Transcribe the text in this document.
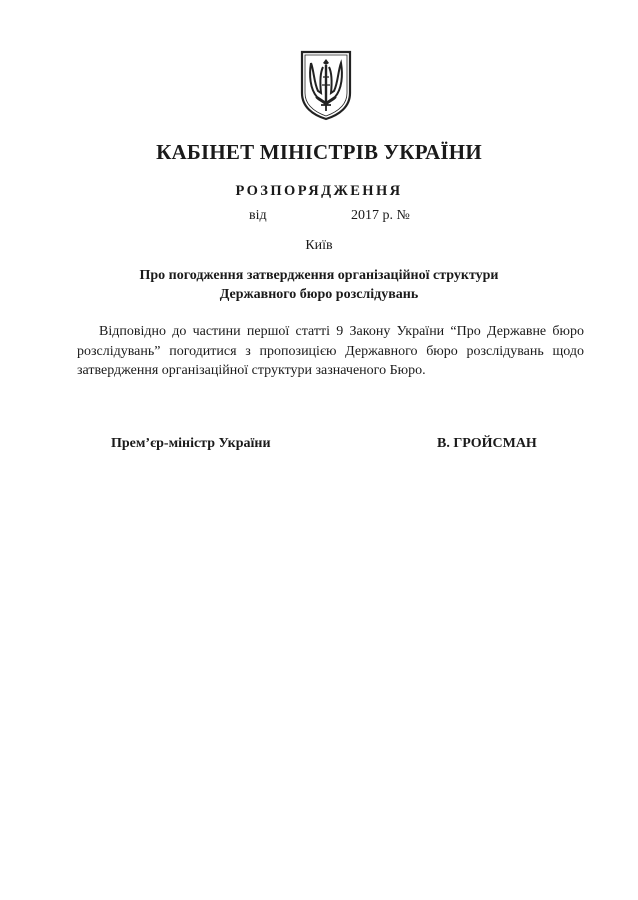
КАБІНЕТ МІНІСТРІВ УКРАЇНИ
РОЗПОРЯДЖЕННЯ
від	2017 р. №
Київ
Про погодження затвердження організаційної структури
Державного бюро розслідувань
Відповідно до частини першої статті 9 Закону України “Про Державне бюро розслідувань” погодитися з пропозицією Державного бюро розслідувань щодо затвердження організаційної структури зазначеного Бюро.
Прем’єр-міністр України	В. ГРОЙСМАН
